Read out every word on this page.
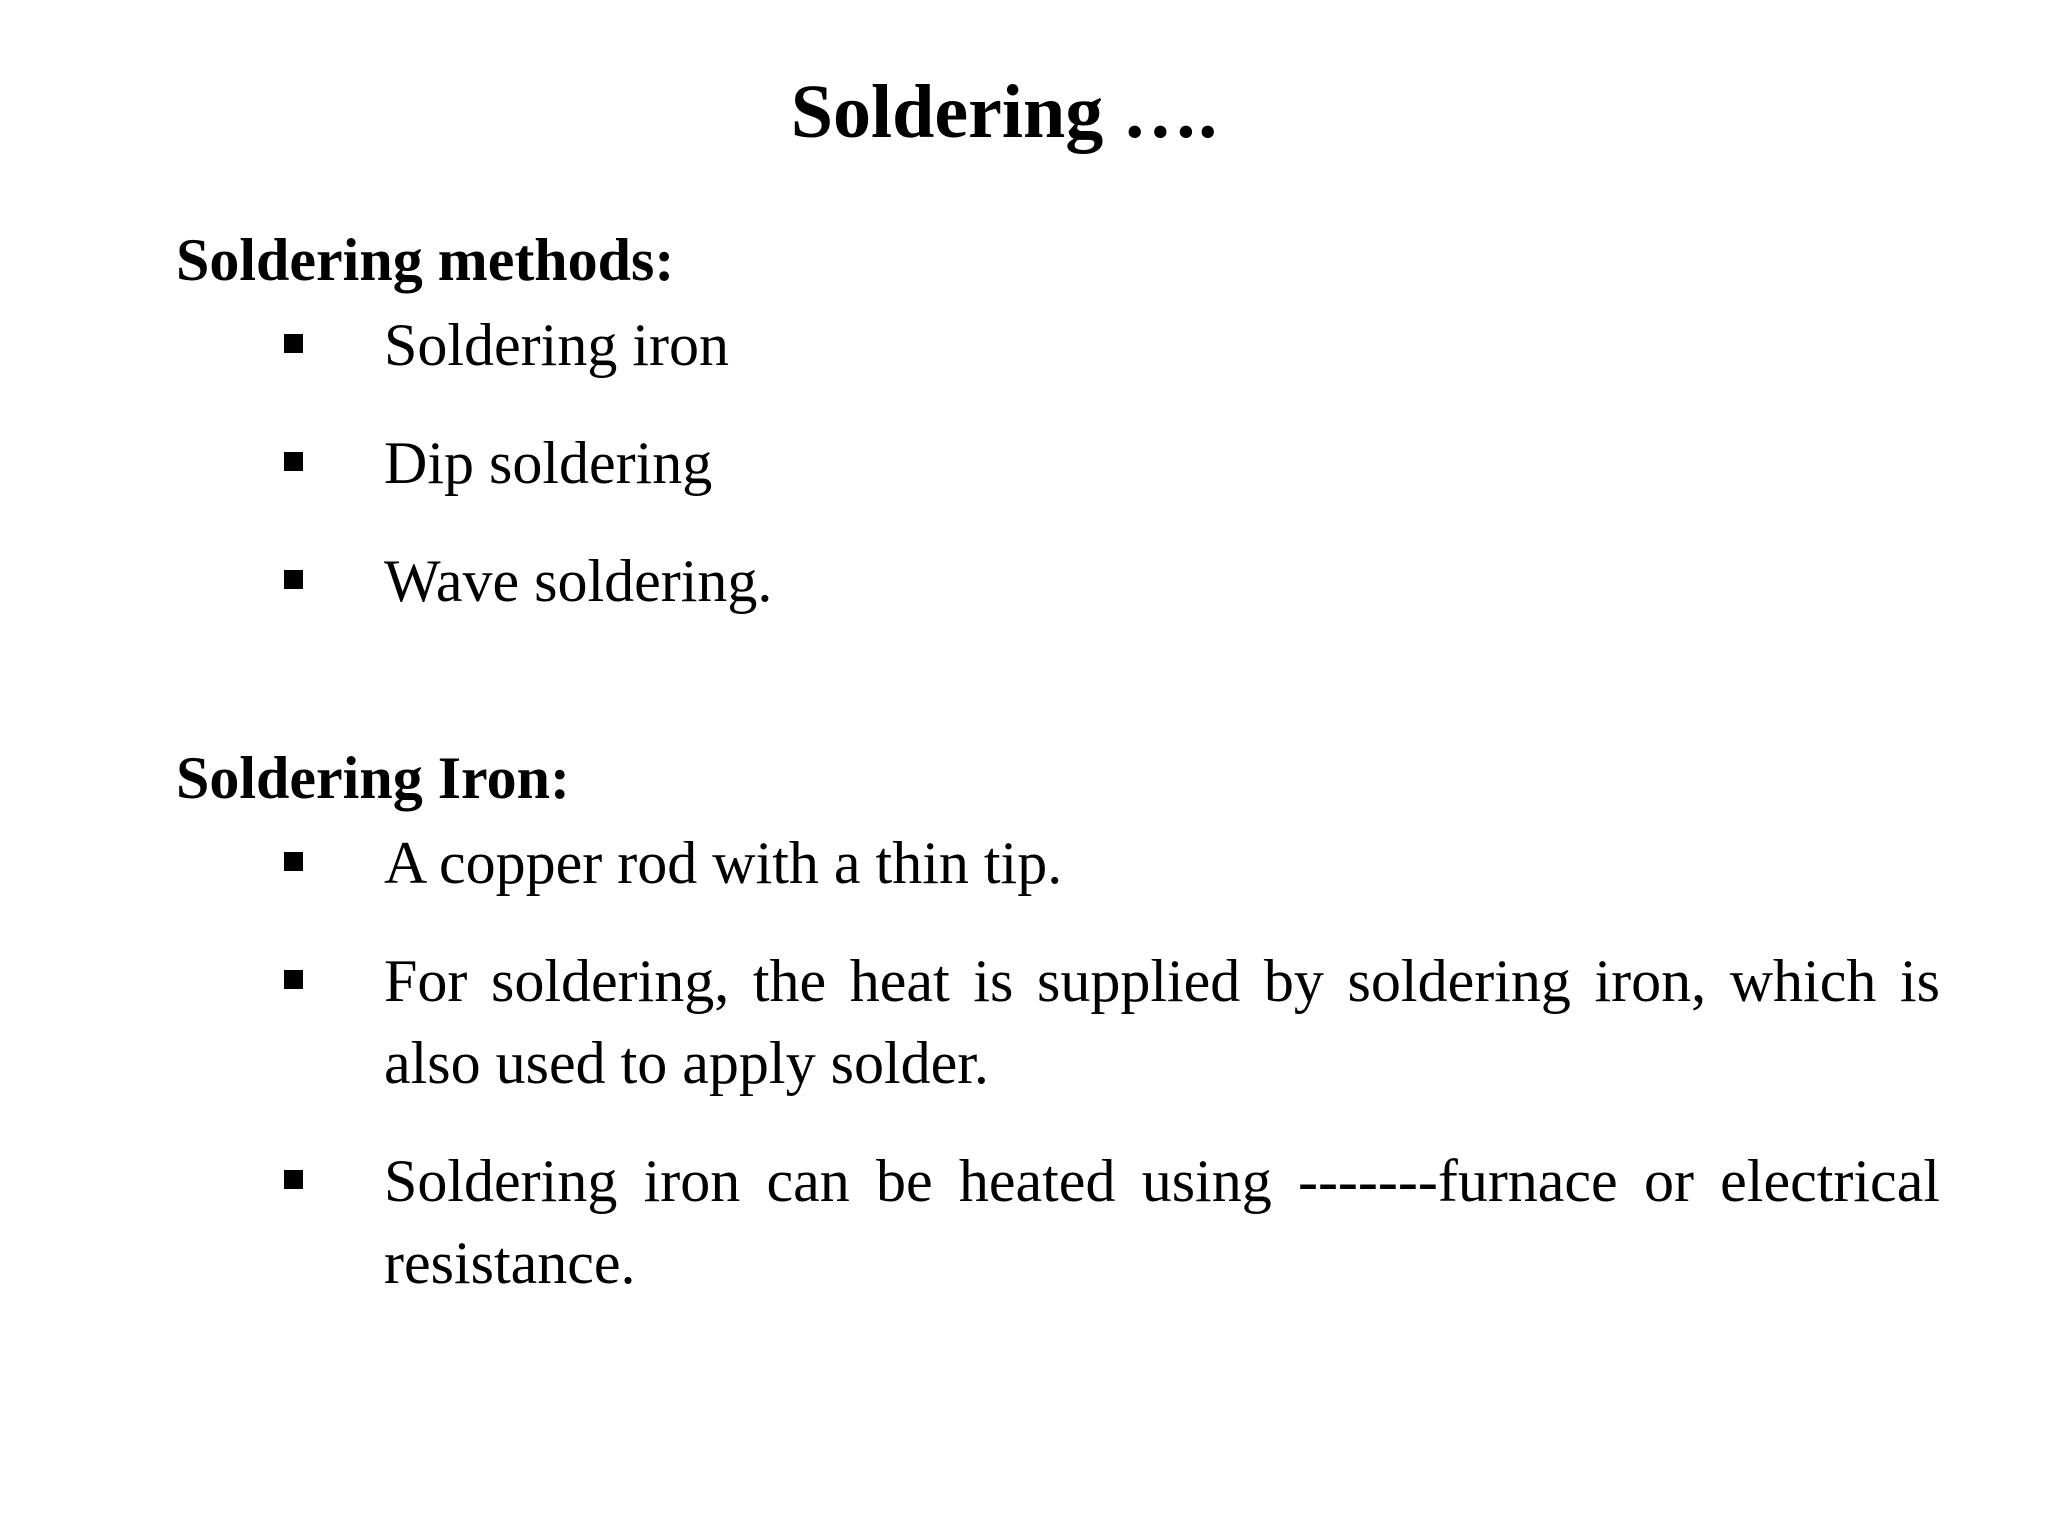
Soldering ….
Soldering methods:
Soldering iron
Dip soldering
Wave soldering.
Soldering Iron:
A copper rod with a thin tip.
For soldering, the heat is supplied by soldering iron, which is also used to apply solder.
Soldering iron can be heated using -------furnace or electrical resistance.
